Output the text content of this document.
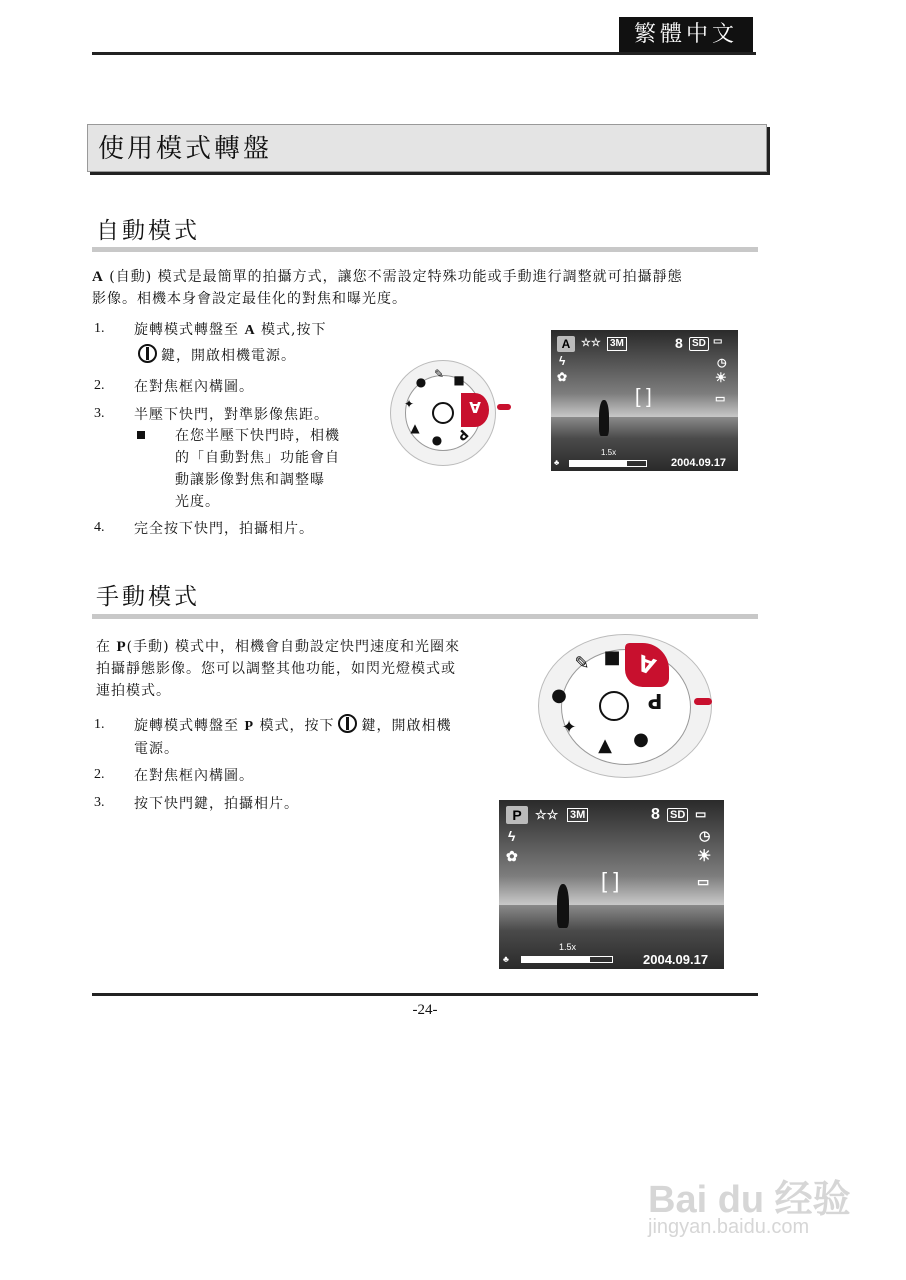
繁體中文
使用模式轉盤
自動模式
A (自動) 模式是最簡單的拍攝方式，讓您不需設定特殊功能或手動進行調整就可拍攝靜態
影像。相機本身會設定最佳化的對焦和曝光度。
1. 旋轉模式轉盤至 A 模式,按下
鍵，開啟相機電源。
2. 在對焦框內構圖。
3. 半壓下快門，對準影像焦距。
在您半壓下快門時，相機
的「自動對焦」功能會自
動讓影像對焦和調整曝
光度。
4. 完全按下快門，拍攝相片。
A
P
■
✎
●
✦
▲
●
A ☆☆ 3M	8 SD ▭
ϟ
✿
◷
☀
▭
[ ]
1.5x
♣	2004.09.17
手動模式
在 P(手動) 模式中，相機會自動設定快門速度和光圈來
拍攝靜態影像。您可以調整其他功能，如閃光燈模式或
連拍模式。
1. 旋轉模式轉盤至 P 模式，按下 鍵，開啟相機
電源。
2. 在對焦框內構圖。
3. 按下快門鍵，拍攝相片。
A
P
■
✎
●
✦
▲ ●
P	☆☆ 3M	8 SD ▭
ϟ
✿
◷
☀
▭
[ ]
1.5x
♣	2004.09.17
-24-
Bai du 经验
jingyan.baidu.com
